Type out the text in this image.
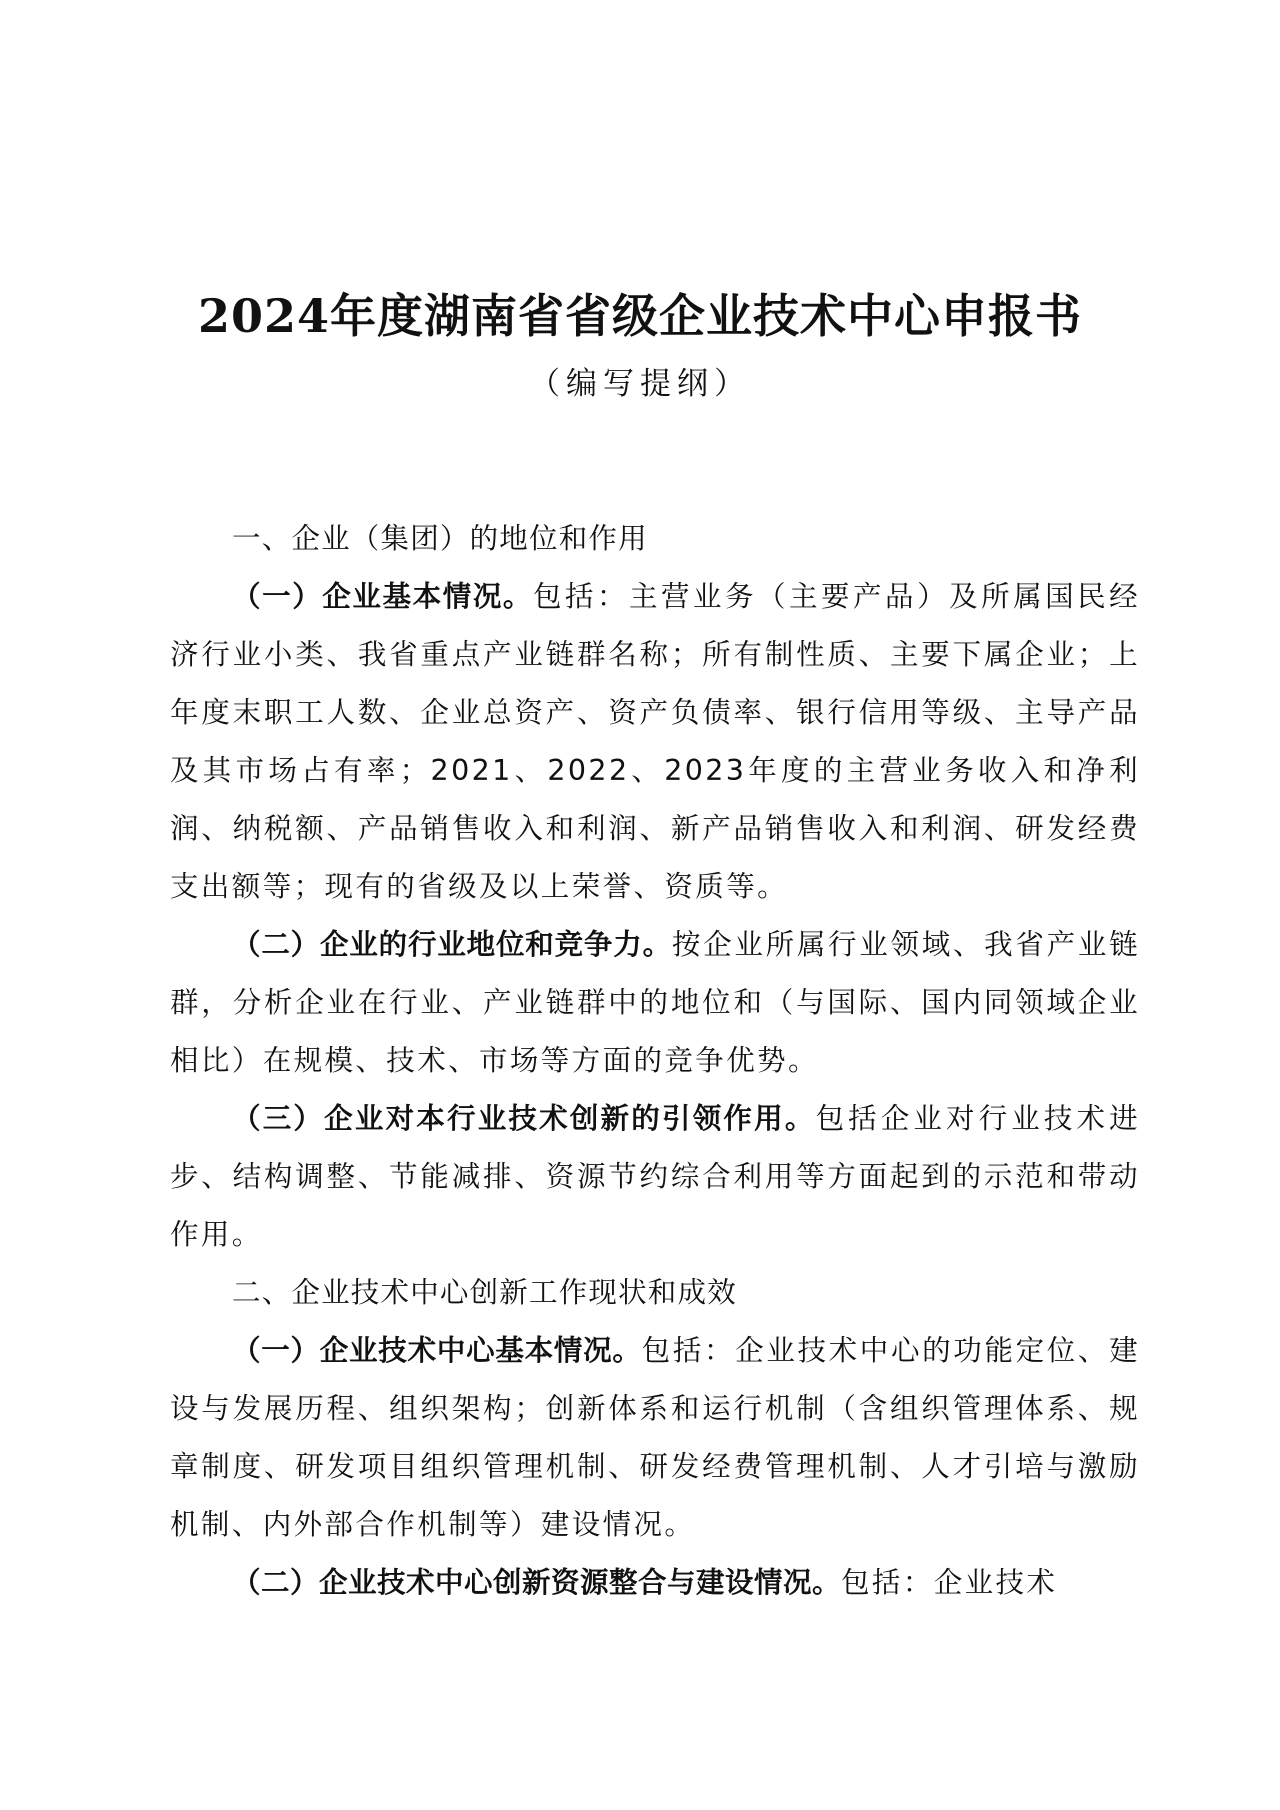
2024年度湖南省省级企业技术中心申报书
（编写提纲）

一、企业（集团）的地位和作用

（一）企业基本情况。包括：主营业务（主要产品）及所属国民经济行业小类、我省重点产业链群名称；所有制性质、主要下属企业；上年度末职工人数、企业总资产、资产负债率、银行信用等级、主导产品及其市场占有率；2021、2022、2023年度的主营业务收入和净利润、纳税额、产品销售收入和利润、新产品销售收入和利润、研发经费支出额等；现有的省级及以上荣誉、资质等。

（二）企业的行业地位和竞争力。按企业所属行业领域、我省产业链群，分析企业在行业、产业链群中的地位和（与国际、国内同领域企业相比）在规模、技术、市场等方面的竞争优势。

（三）企业对本行业技术创新的引领作用。包括企业对行业技术进步、结构调整、节能减排、资源节约综合利用等方面起到的示范和带动作用。

二、企业技术中心创新工作现状和成效

（一）企业技术中心基本情况。包括：企业技术中心的功能定位、建设与发展历程、组织架构；创新体系和运行机制（含组织管理体系、规章制度、研发项目组织管理机制、研发经费管理机制、人才引培与激励机制、内外部合作机制等）建设情况。

（二）企业技术中心创新资源整合与建设情况。包括：企业技术
